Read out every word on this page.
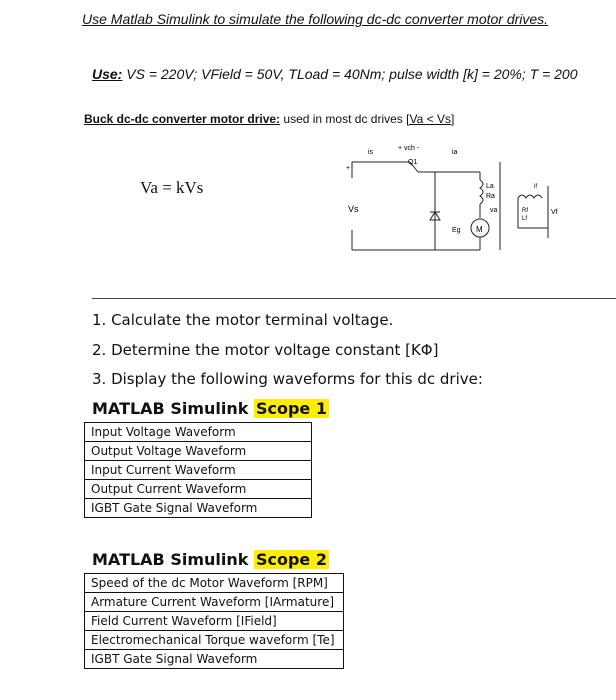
Use Matlab Simulink to simulate the following dc-dc converter motor drives.
Use: VS = 220V; VField = 50V, TLoad = 40Nm; pulse width [k] = 20%; T = 200
Buck dc-dc converter motor drive: used in most dc drives [Va < Vs]
Va = kVs
+
Vs
is
+ vch -
Q1
ia
La
Ra
va
Eg M
if
Rf
Lf
Vf
1. Calculate the motor terminal voltage.
2. Determine the motor voltage constant [KΦ]
3. Display the following waveforms for this dc drive:
MATLAB Simulink Scope 1
Input Voltage Waveform
Output Voltage Waveform
Input Current Waveform
Output Current Waveform
IGBT Gate Signal Waveform
MATLAB Simulink Scope 2
Speed of the dc Motor Waveform [RPM]
Armature Current Waveform [IArmature]
Field Current Waveform [IField]
Electromechanical Torque waveform [Te]
IGBT Gate Signal Waveform
